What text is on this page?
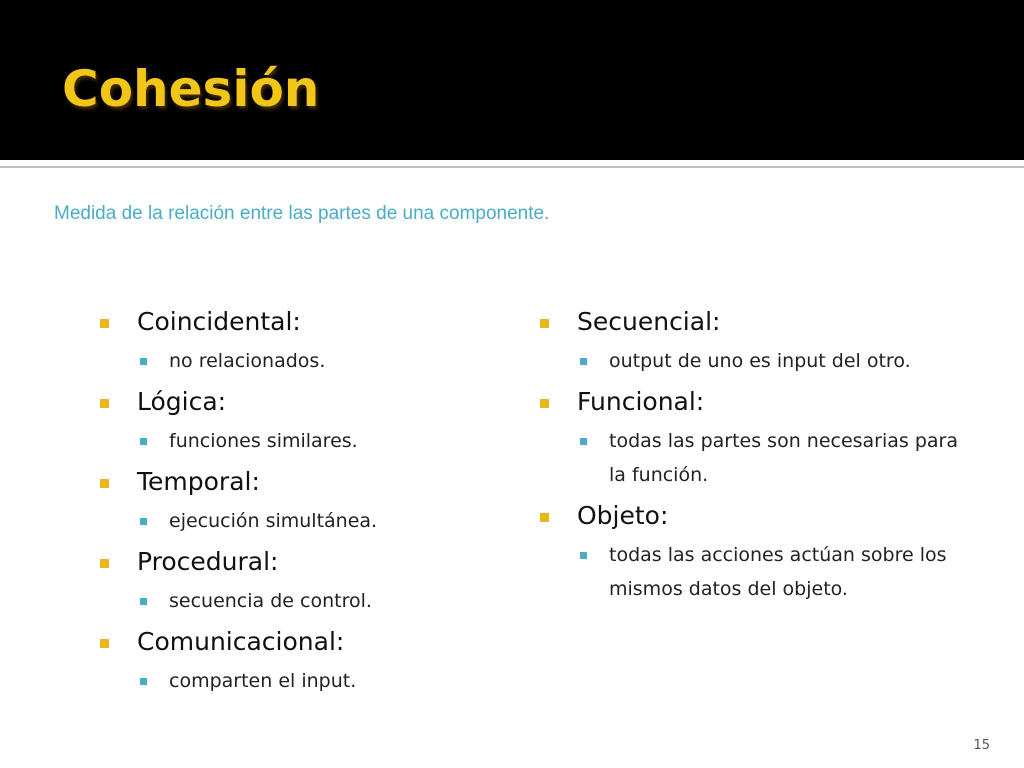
Cohesión

Medida de la relación entre las partes de una componente.

Coincidental:
no relacionados.
Lógica:
funciones similares.
Temporal:
ejecución simultánea.
Procedural:
secuencia de control.
Comunicacional:
comparten el input.
Secuencial:
output de uno es input del otro.
Funcional:
todas las partes son necesarias para la función.
Objeto:
todas las acciones actúan sobre los mismos datos del objeto.
15
